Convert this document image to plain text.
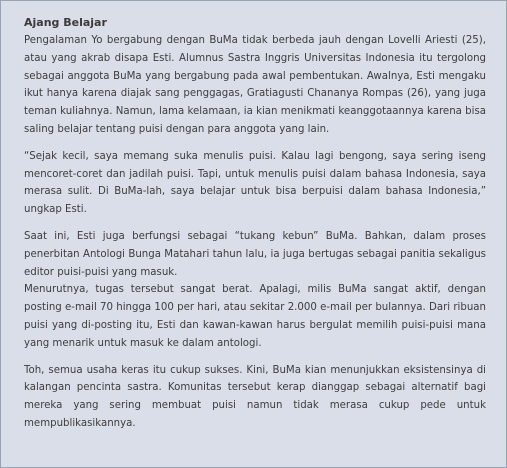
Ajang Belajar

Pengalaman Yo bergabung dengan BuMa tidak berbeda jauh dengan Lovelli Ariesti (25), atau yang akrab disapa Esti. Alumnus Sastra Inggris Universitas Indonesia itu tergolong sebagai anggota BuMa yang bergabung pada awal pembentukan. Awalnya, Esti mengaku ikut hanya karena diajak sang penggagas, Gratiagusti Chananya Rompas (26), yang juga teman kuliahnya. Namun, lama kelamaan, ia kian menikmati keanggotaannya karena bisa saling belajar tentang puisi dengan para anggota yang lain.

“Sejak kecil, saya memang suka menulis puisi. Kalau lagi bengong, saya sering iseng mencoret-coret dan jadilah puisi. Tapi, untuk menulis puisi dalam bahasa Indonesia, saya merasa sulit. Di BuMa-lah, saya belajar untuk bisa berpuisi dalam bahasa Indonesia,” ungkap Esti.

Saat ini, Esti juga berfungsi sebagai “tukang kebun” BuMa. Bahkan, dalam proses penerbitan Antologi Bunga Matahari tahun lalu, ia juga bertugas sebagai panitia sekaligus editor puisi-puisi yang masuk.

Menurutnya, tugas tersebut sangat berat. Apalagi, milis BuMa sangat aktif, dengan posting e-mail 70 hingga 100 per hari, atau sekitar 2.000 e-mail per bulannya. Dari ribuan puisi yang di-posting itu, Esti dan kawan-kawan harus bergulat memilih puisi-puisi mana yang menarik untuk masuk ke dalam antologi.

Toh, semua usaha keras itu cukup sukses. Kini, BuMa kian menunjukkan eksistensinya di kalangan pencinta sastra. Komunitas tersebut kerap dianggap sebagai alternatif bagi mereka yang sering membuat puisi namun tidak merasa cukup pede untuk mempublikasikannya.
